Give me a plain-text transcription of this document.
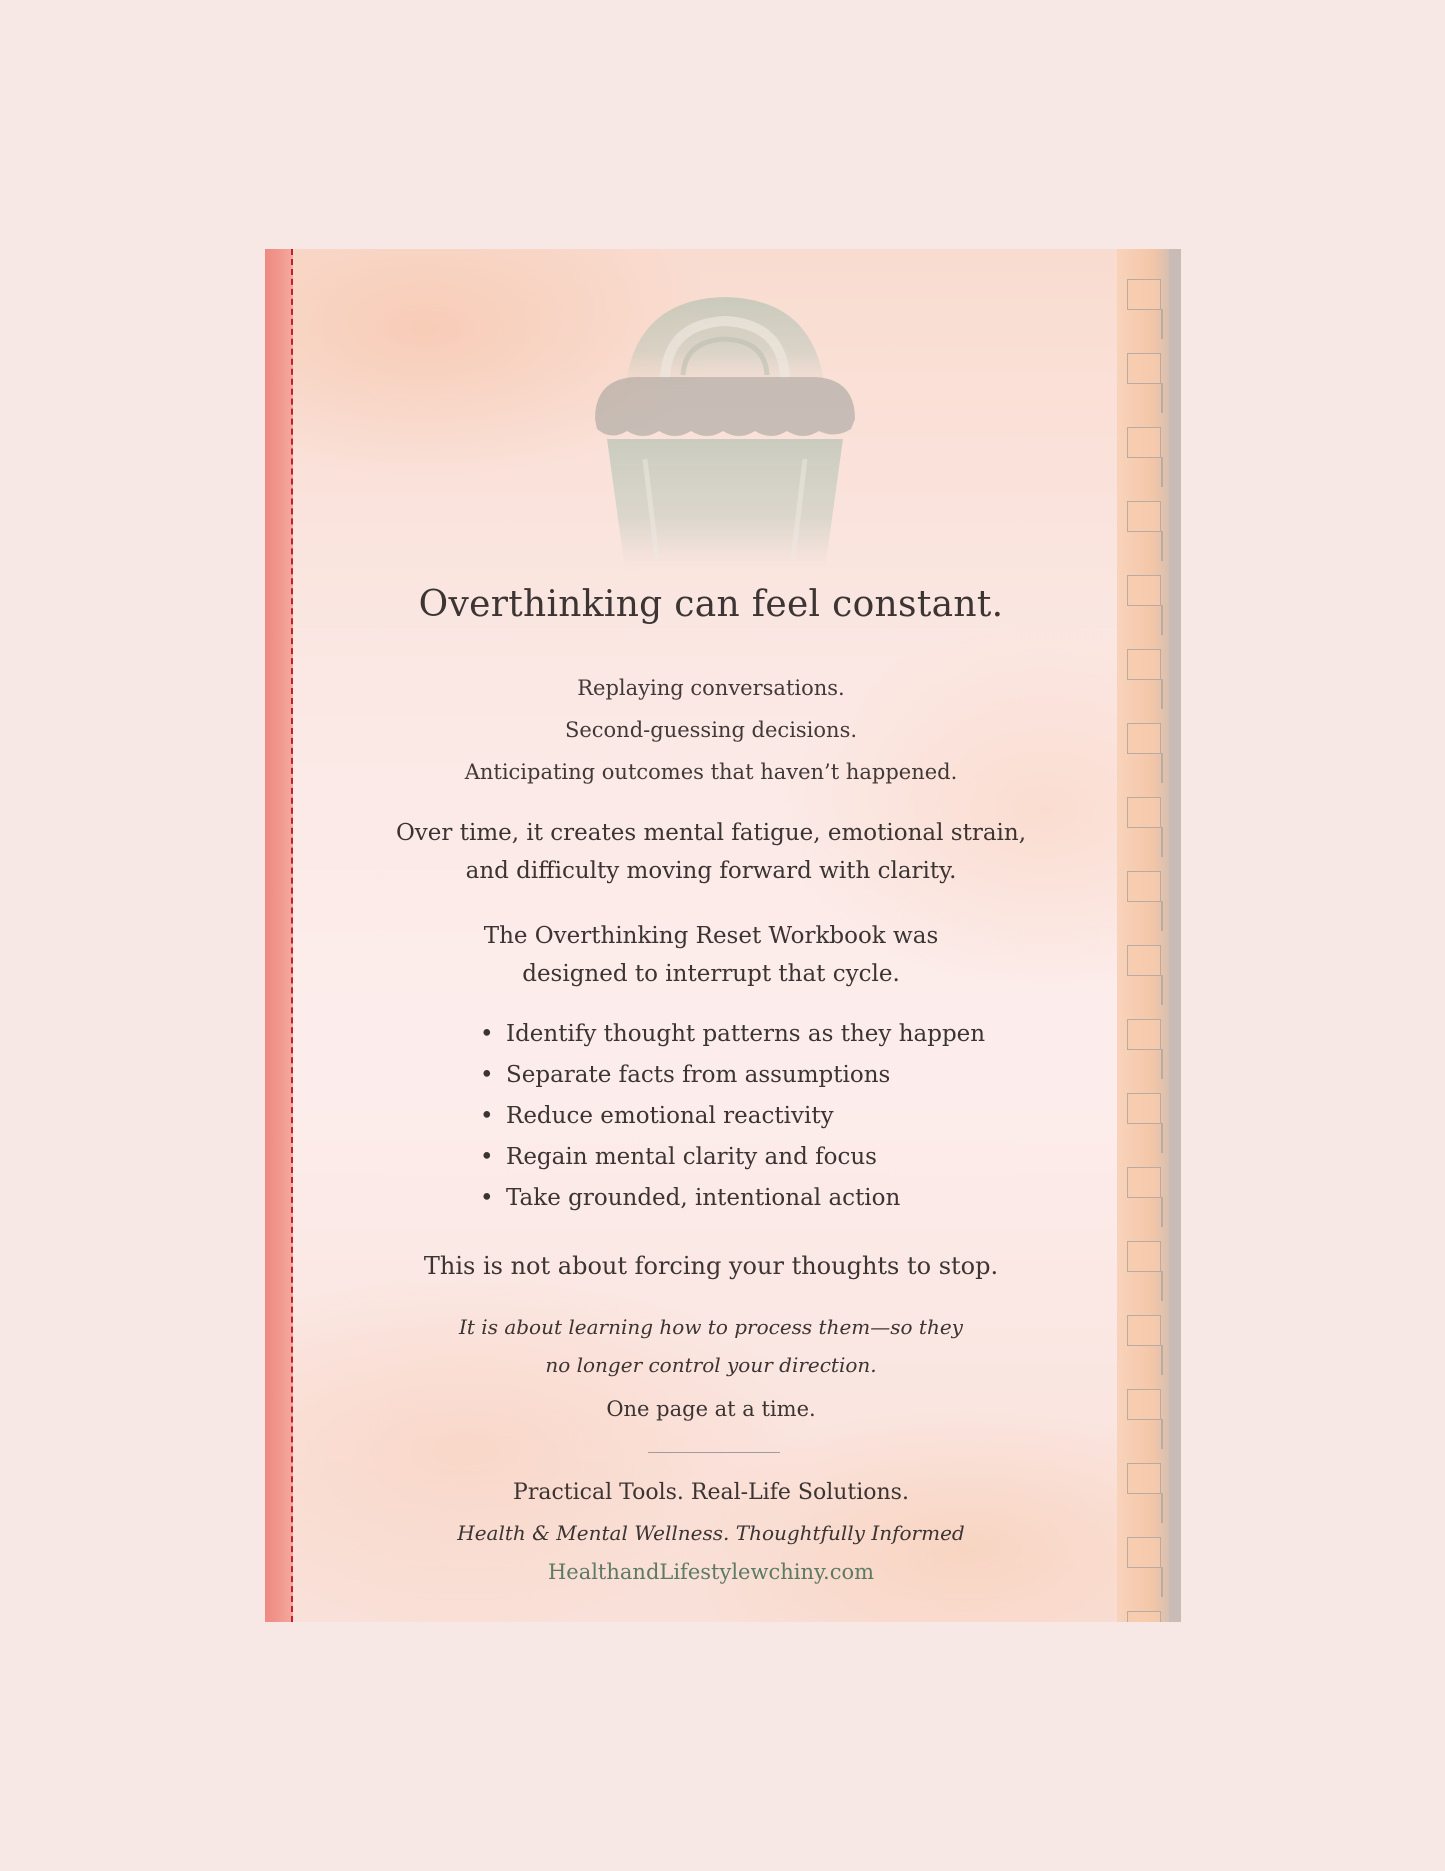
Overthinking can feel constant.
Replaying conversations.
Second-guessing decisions.
Anticipating outcomes that haven’t happened.
Over time, it creates mental fatigue, emotional strain,
and difficulty moving forward with clarity.
The Overthinking Reset Workbook was
designed to interrupt that cycle.
• Identify thought patterns as they happen
• Separate facts from assumptions
• Reduce emotional reactivity
• Regain mental clarity and focus
• Take grounded, intentional action
This is not about forcing your thoughts to stop.
It is about learning how to process them—so they
no longer control your direction.
One page at a time.
Practical Tools. Real-Life Solutions.
Health & Mental Wellness. Thoughtfully Informed
HealthandLifestylewchiny.com
